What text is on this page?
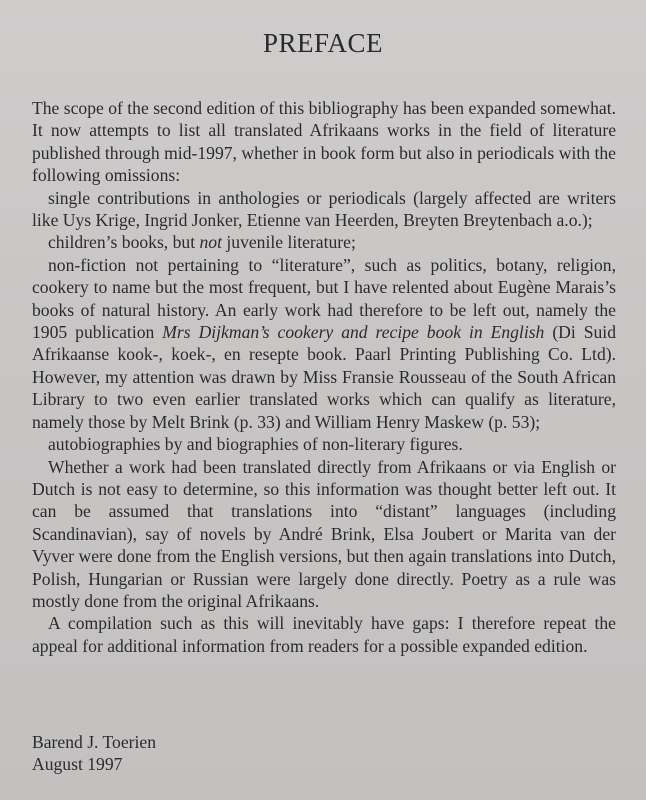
PREFACE

The scope of the second edition of this bibliography has been expanded somewhat. It now attempts to list all translated Afrikaans works in the field of literature published through mid-1997, whether in book form but also in periodicals with the following omissions:

single contributions in anthologies or periodicals (largely affected are writers like Uys Krige, Ingrid Jonker, Etienne van Heerden, Breyten Breytenbach a.o.);

children’s books, but not juvenile literature;

non-fiction not pertaining to “literature”, such as politics, botany, religion, cookery to name but the most frequent, but I have relented about Eugène Marais’s books of natural history. An early work had therefore to be left out, namely the 1905 publication Mrs Dijkman’s cookery and recipe book in English (Di Suid Afrikaanse kook-, koek-, en resepte book. Paarl Printing Publishing Co. Ltd). However, my attention was drawn by Miss Fransie Rousseau of the South African Library to two even earlier translated works which can qualify as literature, namely those by Melt Brink (p. 33) and William Henry Maskew (p. 53);

autobiographies by and biographies of non-literary figures.

Whether a work had been translated directly from Afrikaans or via English or Dutch is not easy to determine, so this information was thought better left out. It can be assumed that translations into “distant” languages (including Scandinavian), say of novels by André Brink, Elsa Joubert or Marita van der Vyver were done from the English versions, but then again translations into Dutch, Polish, Hungarian or Russian were largely done directly. Poetry as a rule was mostly done from the original Afrikaans.

A compilation such as this will inevitably have gaps: I therefore repeat the appeal for additional information from readers for a possible expanded edition.

Barend J. Toerien
August 1997
